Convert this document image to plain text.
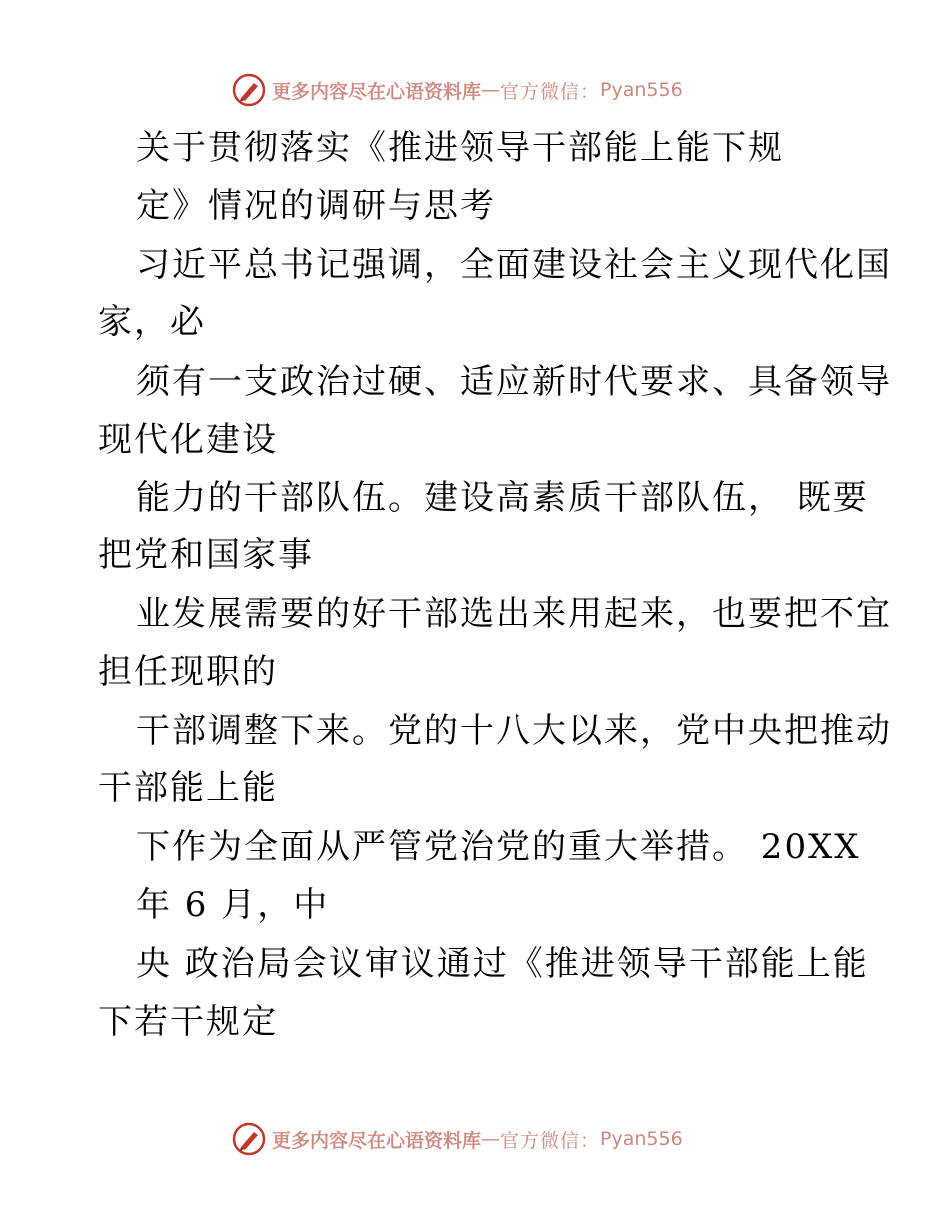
更多内容尽在心语资料库 — 官方微信： Pyan556
关于贯彻落实《推进领导干部能上能下规
定》情况的调研与思考
习近平总书记强调，全面建设社会主义现代化国
家，必
须有一支政治过硬、适应新时代要求、具备领导
现代化建设
能力的干部队伍。建设高素质干部队伍， 既要
把党和国家事
业发展需要的好干部选出来用起来，也要把不宜
担任现职的
干部调整下来。党的十八大以来，党中央把推动
干部能上能
下作为全面从严管党治党的重大举措。 20XX
年 6 月，中
央 政治局会议审议通过《推进领导干部能上能
下若干规定
更多内容尽在心语资料库 — 官方微信： Pyan556
